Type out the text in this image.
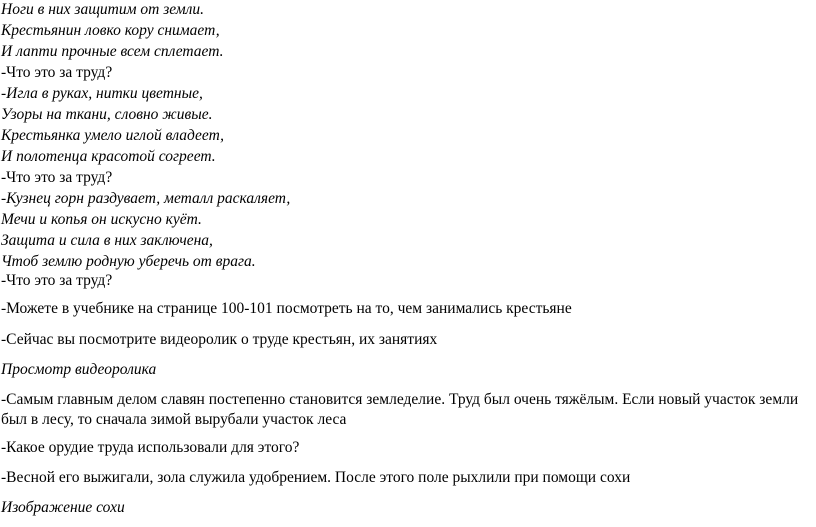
Ноги в них защитим от земли.
Крестьянин ловко кору снимает,
И лапти прочные всем сплетает.
-Что это за труд?
-Игла в руках, нитки цветные,
Узоры на ткани, словно живые.
Крестьянка умело иглой владеет,
И полотенца красотой согреет.
-Что это за труд?
-Кузнец горн раздувает, металл раскаляет,
Мечи и копья он искусно куёт.
Защита и сила в них заключена,
Чтоб землю родную уберечь от врага.
-Что это за труд?
-Можете в учебнике на странице 100-101 посмотреть на то, чем занимались крестьяне
-Сейчас вы посмотрите видеоролик о труде крестьян, их занятиях
Просмотр видеоролика
-Самым главным делом славян постепенно становится земледелие. Труд был очень тяжёлым. Если новый участок земли
был в лесу, то сначала зимой вырубали участок леса
-Какое орудие труда использовали для этого?
-Весной его выжигали, зола служила удобрением. После этого поле рыхлили при помощи сохи
Изображение сохи
